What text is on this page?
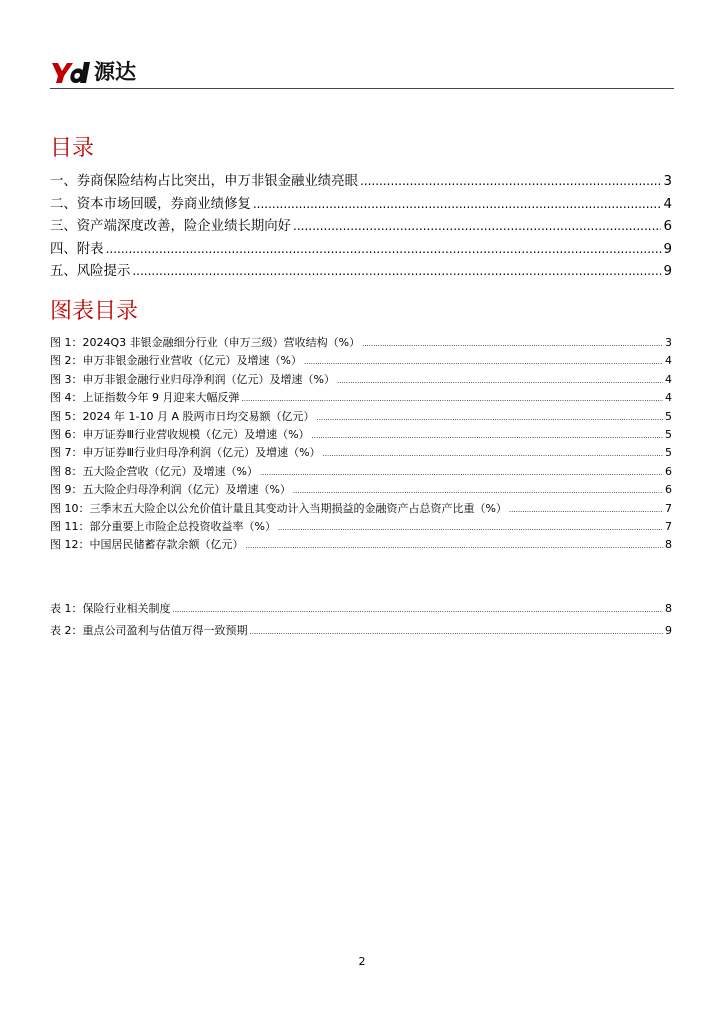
源达
目录
一、券商保险结构占比突出，申万非银金融业绩亮眼 .....	3
二、资本市场回暖，券商业绩修复 .....	4
三、资产端深度改善，险企业绩长期向好 .....	6
四、附表 .....	9
五、风险提示 .....	9
图表目录
图 1： 2024Q3 非银金融细分行业（申万三级）营收结构（%） .....	3
图 2： 申万非银金融行业营收（亿元）及增速（%） .....	4
图 3： 申万非银金融行业归母净利润（亿元）及增速（%） .....	4
图 4： 上证指数今年 9 月迎来大幅反弹 .....	4
图 5： 2024 年 1-10 月 A 股两市日均交易额（亿元） .....	5
图 6： 申万证券Ⅲ行业营收规模（亿元）及增速（%） .....	5
图 7： 申万证券Ⅲ行业归母净利润（亿元）及增速（%） .....	5
图 8： 五大险企营收（亿元）及增速（%） .....	6
图 9： 五大险企归母净利润（亿元）及增速（%） .....	6
图 10： 三季末五大险企以公允价值计量且其变动计入当期损益的金融资产占总资产比重（%） .....	7
图 11： 部分重要上市险企总投资收益率（%） .....	7
图 12： 中国居民储蓄存款余额（亿元） .....	8
表 1： 保险行业相关制度 .....	8
表 2： 重点公司盈利与估值万得一致预期 .....	9
2
